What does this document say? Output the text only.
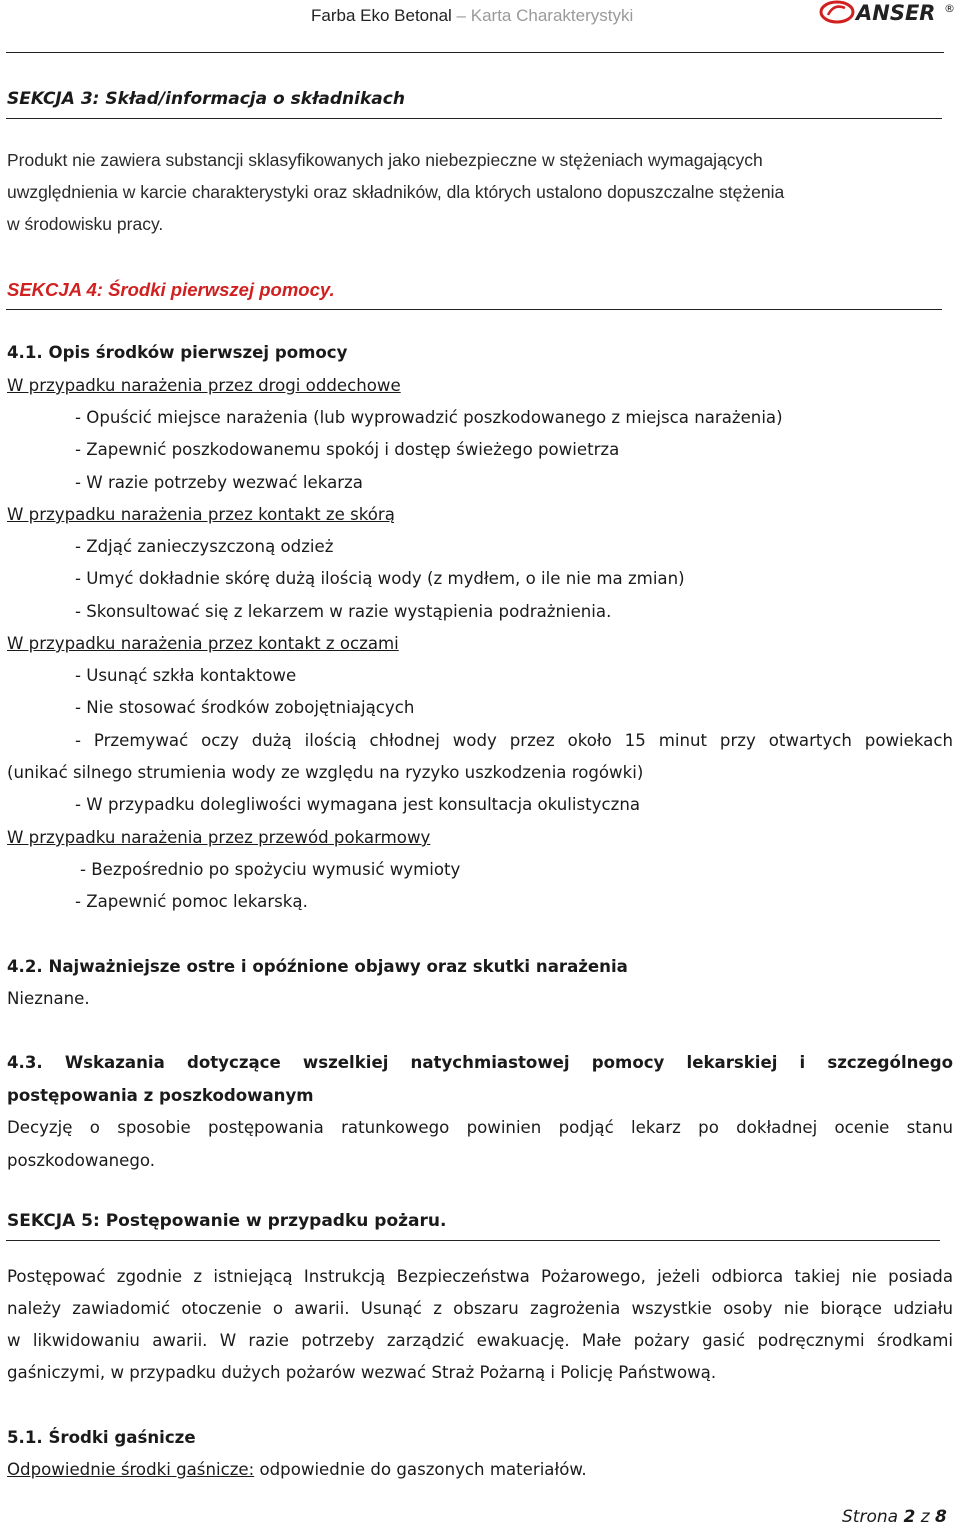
Farba Eko Betonal – Karta Charakterystyki	ANSER ®
SEKCJA 3: Skład/informacja o składnikach
Produkt nie zawiera substancji sklasyfikowanych jako niebezpieczne w stężeniach wymagających
uwzględnienia w karcie charakterystyki oraz składników, dla których ustalono dopuszczalne stężenia
w środowisku pracy.
SEKCJA 4: Środki pierwszej pomocy.
4.1. Opis środków pierwszej pomocy
W przypadku narażenia przez drogi oddechowe
- Opuścić miejsce narażenia (lub wyprowadzić poszkodowanego z miejsca narażenia)
- Zapewnić poszkodowanemu spokój i dostęp świeżego powietrza
- W razie potrzeby wezwać lekarza
W przypadku narażenia przez kontakt ze skórą
- Zdjąć zanieczyszczoną odzież
- Umyć dokładnie skórę dużą ilością wody (z mydłem, o ile nie ma zmian)
- Skonsultować się z lekarzem w razie wystąpienia podrażnienia.
W przypadku narażenia przez kontakt z oczami
- Usunąć szkła kontaktowe
- Nie stosować środków zobojętniających
- Przemywać oczy dużą ilością chłodnej wody przez około 15 minut przy otwartych powiekach
(unikać silnego strumienia wody ze względu na ryzyko uszkodzenia rogówki)
- W przypadku dolegliwości wymagana jest konsultacja okulistyczna
W przypadku narażenia przez przewód pokarmowy
- Bezpośrednio po spożyciu wymusić wymioty
- Zapewnić pomoc lekarską.
4.2. Najważniejsze ostre i opóźnione objawy oraz skutki narażenia
Nieznane.
4.3. Wskazania dotyczące wszelkiej natychmiastowej pomocy lekarskiej i szczególnego
postępowania z poszkodowanym
Decyzję o sposobie postępowania ratunkowego powinien podjąć lekarz po dokładnej ocenie stanu
poszkodowanego.
SEKCJA 5: Postępowanie w przypadku pożaru.
Postępować zgodnie z istniejącą Instrukcją Bezpieczeństwa Pożarowego, jeżeli odbiorca takiej nie posiada
należy zawiadomić otoczenie o awarii. Usunąć z obszaru zagrożenia wszystkie osoby nie biorące udziału
w likwidowaniu awarii. W razie potrzeby zarządzić ewakuację. Małe pożary gasić podręcznymi środkami
gaśniczymi, w przypadku dużych pożarów wezwać Straż Pożarną i Policję Państwową.
5.1. Środki gaśnicze
Odpowiednie środki gaśnicze: odpowiednie do gaszonych materiałów.
Strona 2 z 8
